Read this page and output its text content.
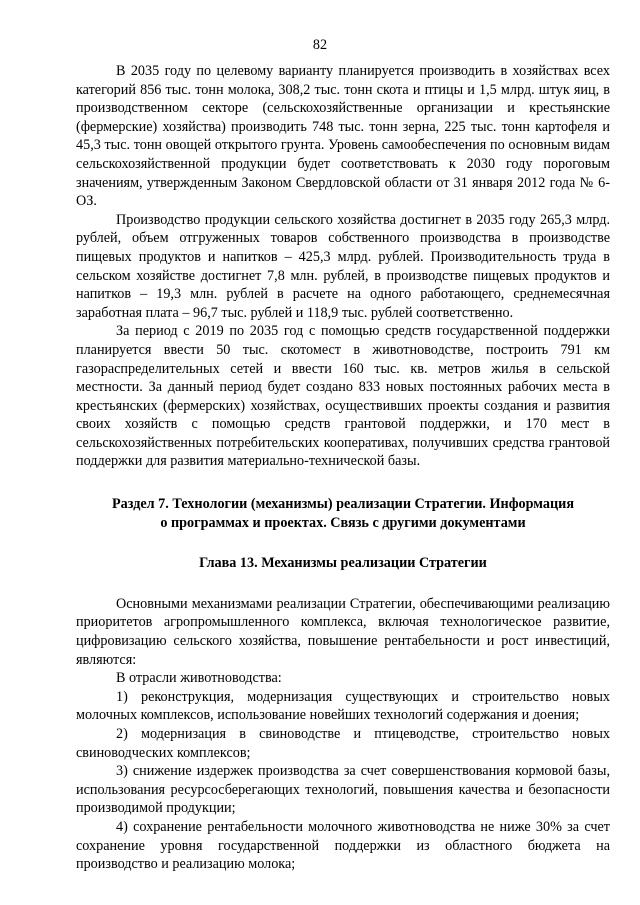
82

В 2035 году по целевому варианту планируется производить в хозяйствах всех категорий 856 тыс. тонн молока, 308,2 тыс. тонн скота и птицы и 1,5 млрд. штук яиц, в производственном секторе (сельскохозяйственные организации и крестьянские (фермерские) хозяйства) производить 748 тыс. тонн зерна, 225 тыс. тонн картофеля и 45,3 тыс. тонн овощей открытого грунта. Уровень самообеспечения по основным видам сельскохозяйственной продукции будет соответствовать к 2030 году пороговым значениям, утвержденным Законом Свердловской области от 31 января 2012 года № 6-ОЗ.

Производство продукции сельского хозяйства достигнет в 2035 году 265,3 млрд. рублей, объем отгруженных товаров собственного производства в производстве пищевых продуктов и напитков – 425,3 млрд. рублей. Производительность труда в сельском хозяйстве достигнет 7,8 млн. рублей, в производстве пищевых продуктов и напитков – 19,3 млн. рублей в расчете на одного работающего, среднемесячная заработная плата – 96,7 тыс. рублей и 118,9 тыс. рублей соответственно.

За период с 2019 по 2035 год с помощью средств государственной поддержки планируется ввести 50 тыс. скотомест в животноводстве, построить 791 км газораспределительных сетей и ввести 160 тыс. кв. метров жилья в сельской местности. За данный период будет создано 833 новых постоянных рабочих места в крестьянских (фермерских) хозяйствах, осуществивших проекты создания и развития своих хозяйств с помощью средств грантовой поддержки, и 170 мест в сельскохозяйственных потребительских кооперативах, получивших средства грантовой поддержки для развития материально-технической базы.

Раздел 7. Технологии (механизмы) реализации Стратегии. Информация
о программах и проектах. Связь с другими документами
Глава 13. Механизмы реализации Стратегии

Основными механизмами реализации Стратегии, обеспечивающими реализацию приоритетов агропромышленного комплекса, включая технологическое развитие, цифровизацию сельского хозяйства, повышение рентабельности и рост инвестиций, являются:

В отрасли животноводства:

1) реконструкция, модернизация существующих и строительство новых молочных комплексов, использование новейших технологий содержания и доения;

2) модернизация в свиноводстве и птицеводстве, строительство новых свиноводческих комплексов;

3) снижение издержек производства за счет совершенствования кормовой базы, использования ресурсосберегающих технологий, повышения качества и безопасности производимой продукции;

4) сохранение рентабельности молочного животноводства не ниже 30% за счет сохранение уровня государственной поддержки из областного бюджета на производство и реализацию молока;
